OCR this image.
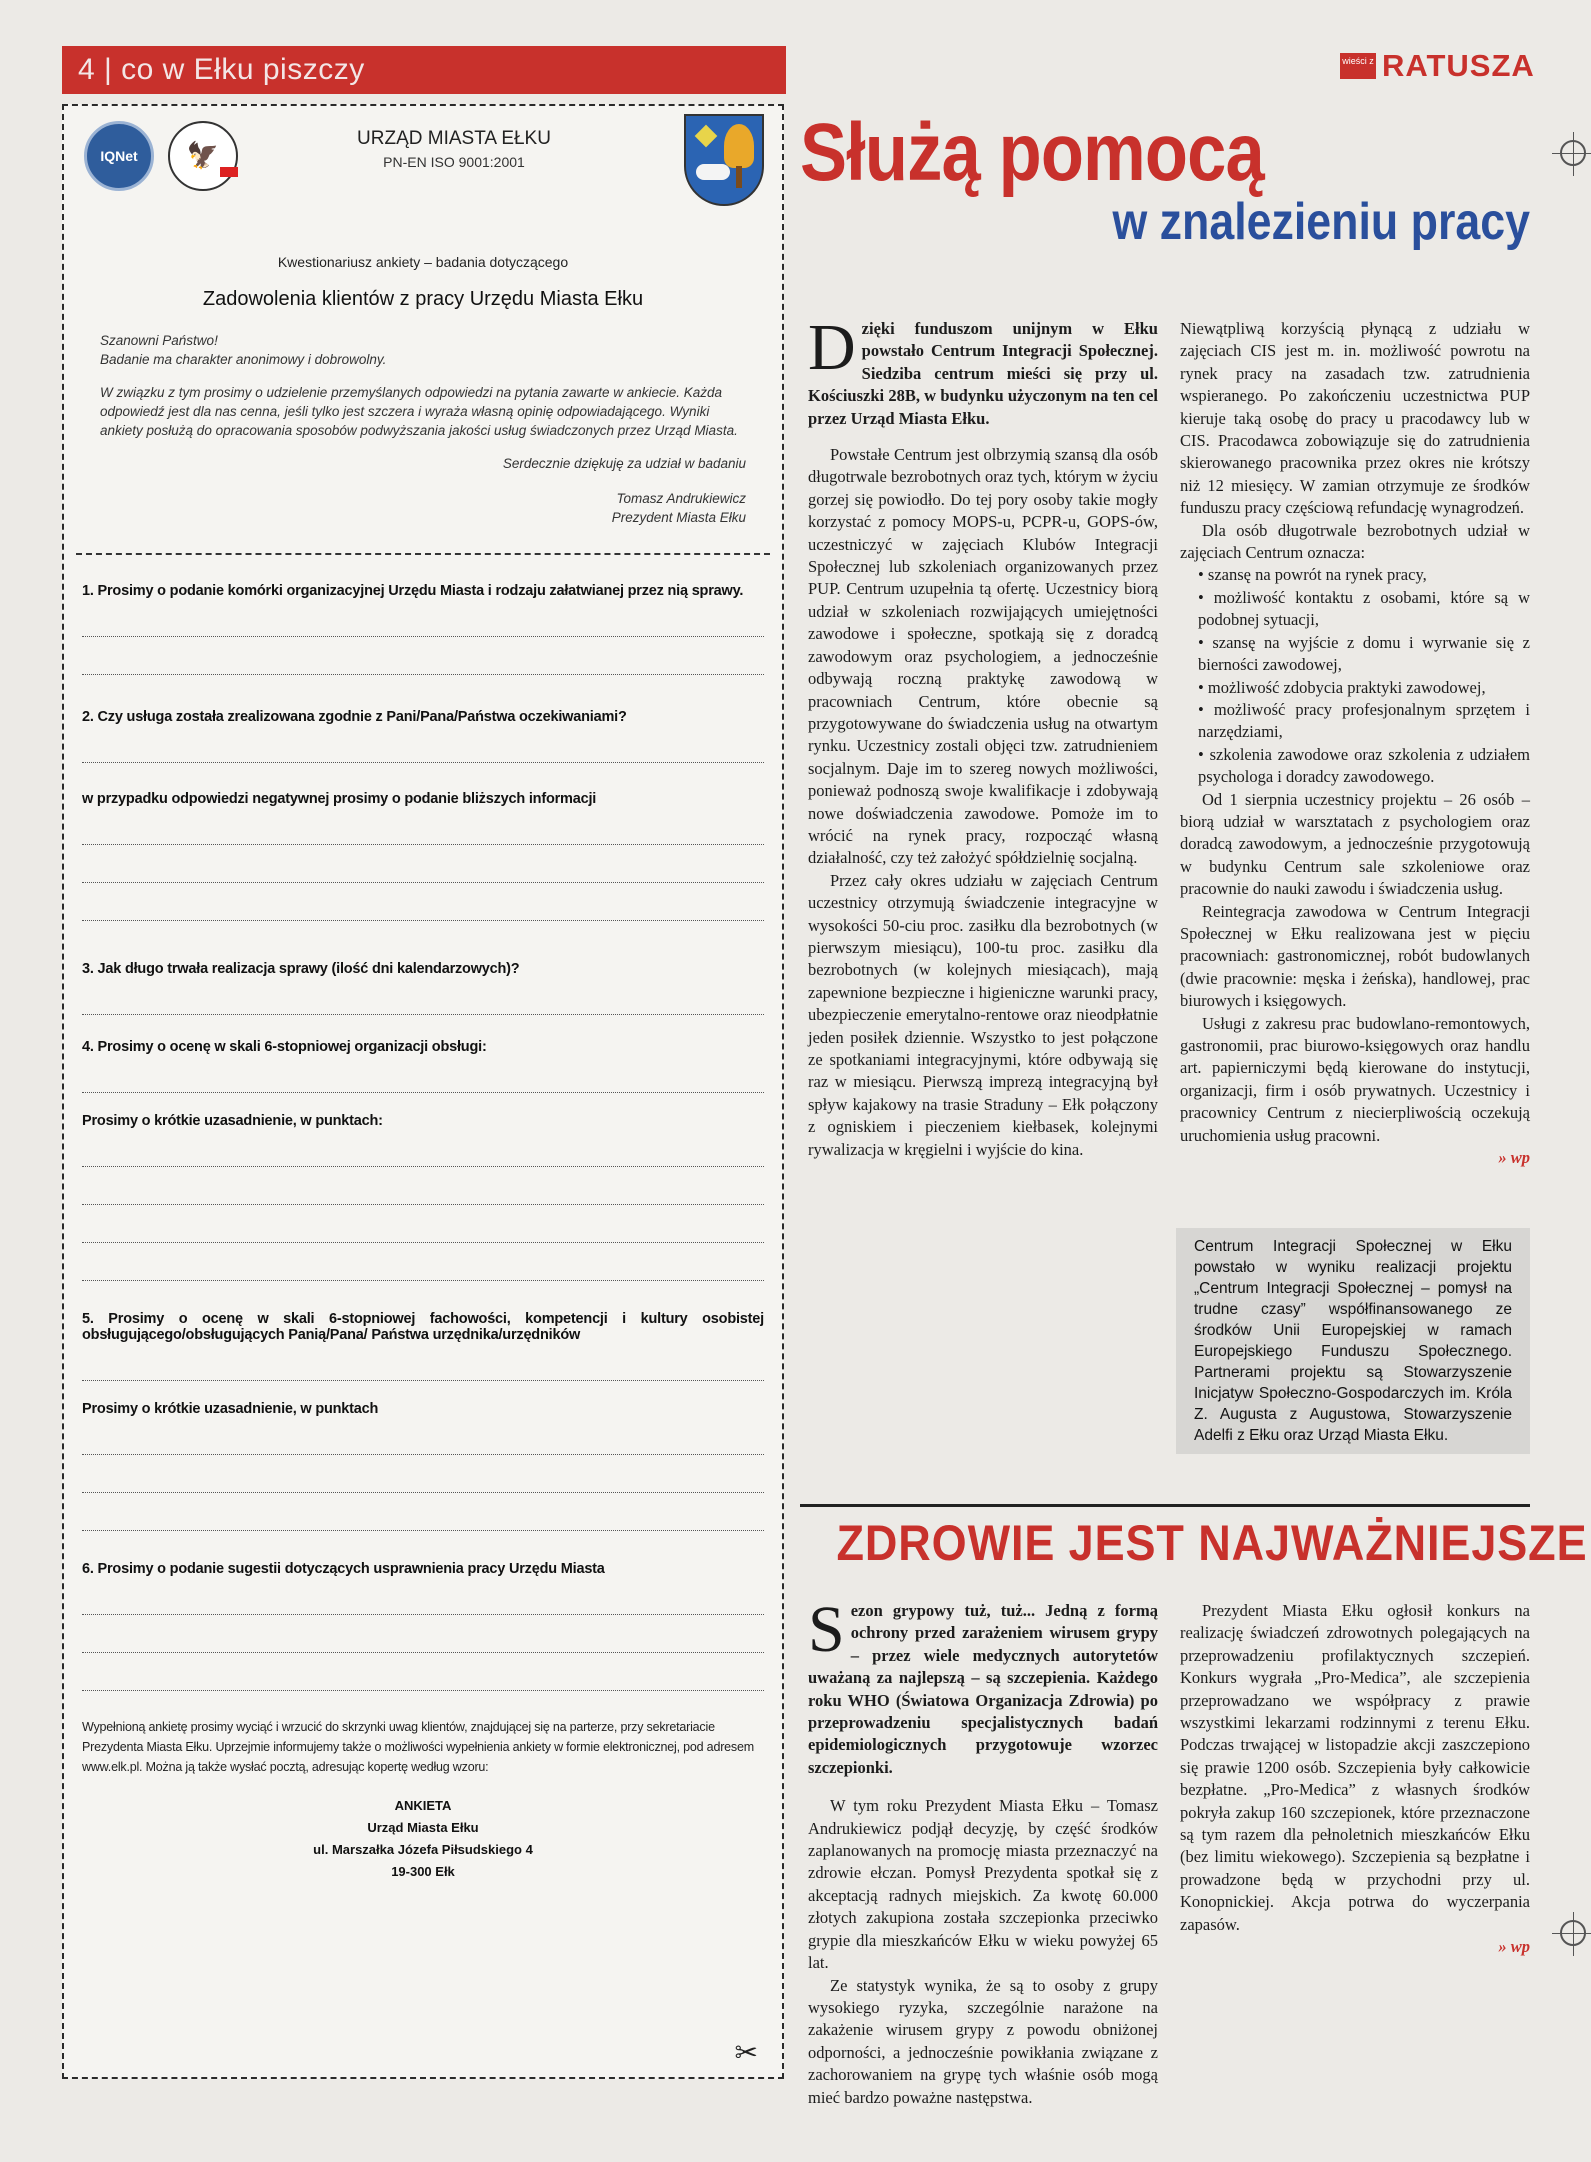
4 | co w Ełku piszczy	wieści z RATUSZA
IQNet	🦅
URZĄD MIASTA EŁKU
PN-EN ISO 9001:2001
Kwestionariusz ankiety – badania dotyczącego
Zadowolenia klientów z pracy Urzędu Miasta Ełku
Szanowni Państwo!

Badanie ma charakter anonimowy i dobrowolny.

W związku z tym prosimy o udzielenie przemyślanych odpowiedzi na pytania zawarte w ankiecie. Każda odpowiedź jest dla nas cenna, jeśli tylko jest szczera i wyraża własną opinię odpowiadającego. Wyniki ankiety posłużą do opracowania sposobów podwyższania jakości usług świadczonych przez Urząd Miasta.

Serdecznie dziękuję za udział w badaniu
Tomasz Andrukiewicz
Prezydent Miasta Ełku
1. Prosimy o podanie komórki organizacyjnej Urzędu Miasta i rodzaju załatwianej przez nią sprawy.
2. Czy usługa została zrealizowana zgodnie z Pani/Pana/Państwa oczekiwaniami?
w przypadku odpowiedzi negatywnej prosimy o podanie bliższych informacji
3. Jak długo trwała realizacja sprawy (ilość dni kalendarzowych)?
4. Prosimy o ocenę w skali 6-stopniowej organizacji obsługi:
Prosimy o krótkie uzasadnienie, w punktach:
5. Prosimy o ocenę w skali 6-stopniowej fachowości, kompetencji i kultury osobistej obsługującego/obsługujących Panią/Pana/ Państwa urzędnika/urzędników
Prosimy o krótkie uzasadnienie, w punktach
6. Prosimy o podanie sugestii dotyczących usprawnienia pracy Urzędu Miasta
Wypełnioną ankietę prosimy wyciąć i wrzucić do skrzynki uwag klientów, znajdującej się na parterze, przy sekretariacie Prezydenta Miasta Ełku. Uprzejmie informujemy także o możliwości wypełnienia ankiety w formie elektronicznej, pod adresem www.elk.pl. Można ją także wysłać pocztą, adresując kopertę według wzoru:
ANKIETA
Urząd Miasta Ełku
ul. Marszałka Józefa Piłsudskiego 4
19-300 Ełk
✂
Służą pomocą
w znalezieniu pracy

Dzięki funduszom unijnym w Ełku powstało Centrum Integracji Społecznej. Siedziba centrum mieści się przy ul. Kościuszki 28B, w budynku użyczonym na ten cel przez Urząd Miasta Ełku.

Powstałe Centrum jest olbrzymią szansą dla osób długotrwale bezrobotnych oraz tych, którym w życiu gorzej się powiodło. Do tej pory osoby takie mogły korzystać z pomocy MOPS-u, PCPR-u, GOPS-ów, uczestniczyć w zajęciach Klubów Integracji Społecznej lub szkoleniach organizowanych przez PUP. Centrum uzupełnia tą ofertę. Uczestnicy biorą udział w szkoleniach rozwijających umiejętności zawodowe i społeczne, spotkają się z doradcą zawodowym oraz psychologiem, a jednocześnie odbywają roczną praktykę zawodową w pracowniach Centrum, które obecnie są przygotowywane do świadczenia usług na otwartym rynku. Uczestnicy zostali objęci tzw. zatrudnieniem socjalnym. Daje im to szereg nowych możliwości, ponieważ podnoszą swoje kwalifikacje i zdobywają nowe doświadczenia zawodowe. Pomoże im to wrócić na rynek pracy, rozpocząć własną działalność, czy też założyć spółdzielnię socjalną.

Przez cały okres udziału w zajęciach Centrum uczestnicy otrzymują świadczenie integracyjne w wysokości 50-ciu proc. zasiłku dla bezrobotnych (w pierwszym miesiącu), 100-tu proc. zasiłku dla bezrobotnych (w kolejnych miesiącach), mają zapewnione bezpieczne i higieniczne warunki pracy, ubezpieczenie emerytalno-rentowe oraz nieodpłatnie jeden posiłek dziennie. Wszystko to jest połączone ze spotkaniami integracyjnymi, które odbywają się raz w miesiącu. Pierwszą imprezą integracyjną był spływ kajakowy na trasie Straduny – Ełk połączony z ogniskiem i pieczeniem kiełbasek, kolejnymi rywalizacja w kręgielni i wyjście do kina.

Niewątpliwą korzyścią płynącą z udziału w zajęciach CIS jest m. in. możliwość powrotu na rynek pracy na zasadach tzw. zatrudnienia wspieranego. Po zakończeniu uczestnictwa PUP kieruje taką osobę do pracy u pracodawcy lub w CIS. Pracodawca zobowiązuje się do zatrudnienia skierowanego pracownika przez okres nie krótszy niż 12 miesięcy. W zamian otrzymuje ze środków funduszu pracy częściową refundację wynagrodzeń.

Dla osób długotrwale bezrobotnych udział w zajęciach Centrum oznacza:

• szansę na powrót na rynek pracy,

• możliwość kontaktu z osobami, które są w podobnej sytuacji,

• szansę na wyjście z domu i wyrwanie się z bierności zawodowej,

• możliwość zdobycia praktyki zawodowej,

• możliwość pracy profesjonalnym sprzętem i narzędziami,

• szkolenia zawodowe oraz szkolenia z udziałem psychologa i doradcy zawodowego.

Od 1 sierpnia uczestnicy projektu – 26 osób – biorą udział w warsztatach z psychologiem oraz doradcą zawodowym, a jednocześnie przygotowują w budynku Centrum sale szkoleniowe oraz pracownie do nauki zawodu i świadczenia usług.

Reintegracja zawodowa w Centrum Integracji Społecznej w Ełku realizowana jest w pięciu pracowniach: gastronomicznej, robót budowlanych (dwie pracownie: męska i żeńska), handlowej, prac biurowych i księgowych.

Usługi z zakresu prac budowlano-remontowych, gastronomii, prac biurowo-księgowych oraz handlu art. papierniczymi będą kierowane do instytucji, organizacji, firm i osób prywatnych. Uczestnicy i pracownicy Centrum z niecierpliwością oczekują uruchomienia usług pracowni.

» wp
Centrum Integracji Społecznej w Ełku powstało w wyniku realizacji projektu „Centrum Integracji Społecznej – pomysł na trudne czasy” współfinansowanego ze środków Unii Europejskiej w ramach Europejskiego Funduszu Społecznego. Partnerami projektu są Stowarzyszenie Inicjatyw Społeczno-Gospodarczych im. Króla Z. Augusta z Augustowa, Stowarzyszenie Adelfi z Ełku oraz Urząd Miasta Ełku.
ZDROWIE JEST NAJWAŻNIEJSZE

Sezon grypowy tuż, tuż... Jedną z formą ochrony przed zarażeniem wirusem grypy – przez wiele medycznych autorytetów uważaną za najlepszą – są szczepienia. Każdego roku WHO (Światowa Organizacja Zdrowia) po przeprowadzeniu specjalistycznych badań epidemiologicznych przygotowuje wzorzec szczepionki.

W tym roku Prezydent Miasta Ełku – Tomasz Andrukiewicz podjął decyzję, by część środków zaplanowanych na promocję miasta przeznaczyć na zdrowie ełczan. Pomysł Prezydenta spotkał się z akceptacją radnych miejskich. Za kwotę 60.000 złotych zakupiona została szczepionka przeciwko grypie dla mieszkańców Ełku w wieku powyżej 65 lat.

Ze statystyk wynika, że są to osoby z grupy wysokiego ryzyka, szczególnie narażone na zakażenie wirusem grypy z powodu obniżonej odporności, a jednocześnie powikłania związane z zachorowaniem na grypę tych właśnie osób mogą mieć bardzo poważne następstwa.

Prezydent Miasta Ełku ogłosił konkurs na realizację świadczeń zdrowotnych polegających na przeprowadzeniu profilaktycznych szczepień. Konkurs wygrała „Pro-Medica”, ale szczepienia przeprowadzano we współpracy z prawie wszystkimi lekarzami rodzinnymi z terenu Ełku. Podczas trwającej w listopadzie akcji zaszczepiono się prawie 1200 osób. Szczepienia były całkowicie bezpłatne. „Pro-Medica” z własnych środków pokryła zakup 160 szczepionek, które przeznaczone są tym razem dla pełnoletnich mieszkańców Ełku (bez limitu wiekowego). Szczepienia są bezpłatne i prowadzone będą w przychodni przy ul. Konopnickiej. Akcja potrwa do wyczerpania zapasów.

» wp
